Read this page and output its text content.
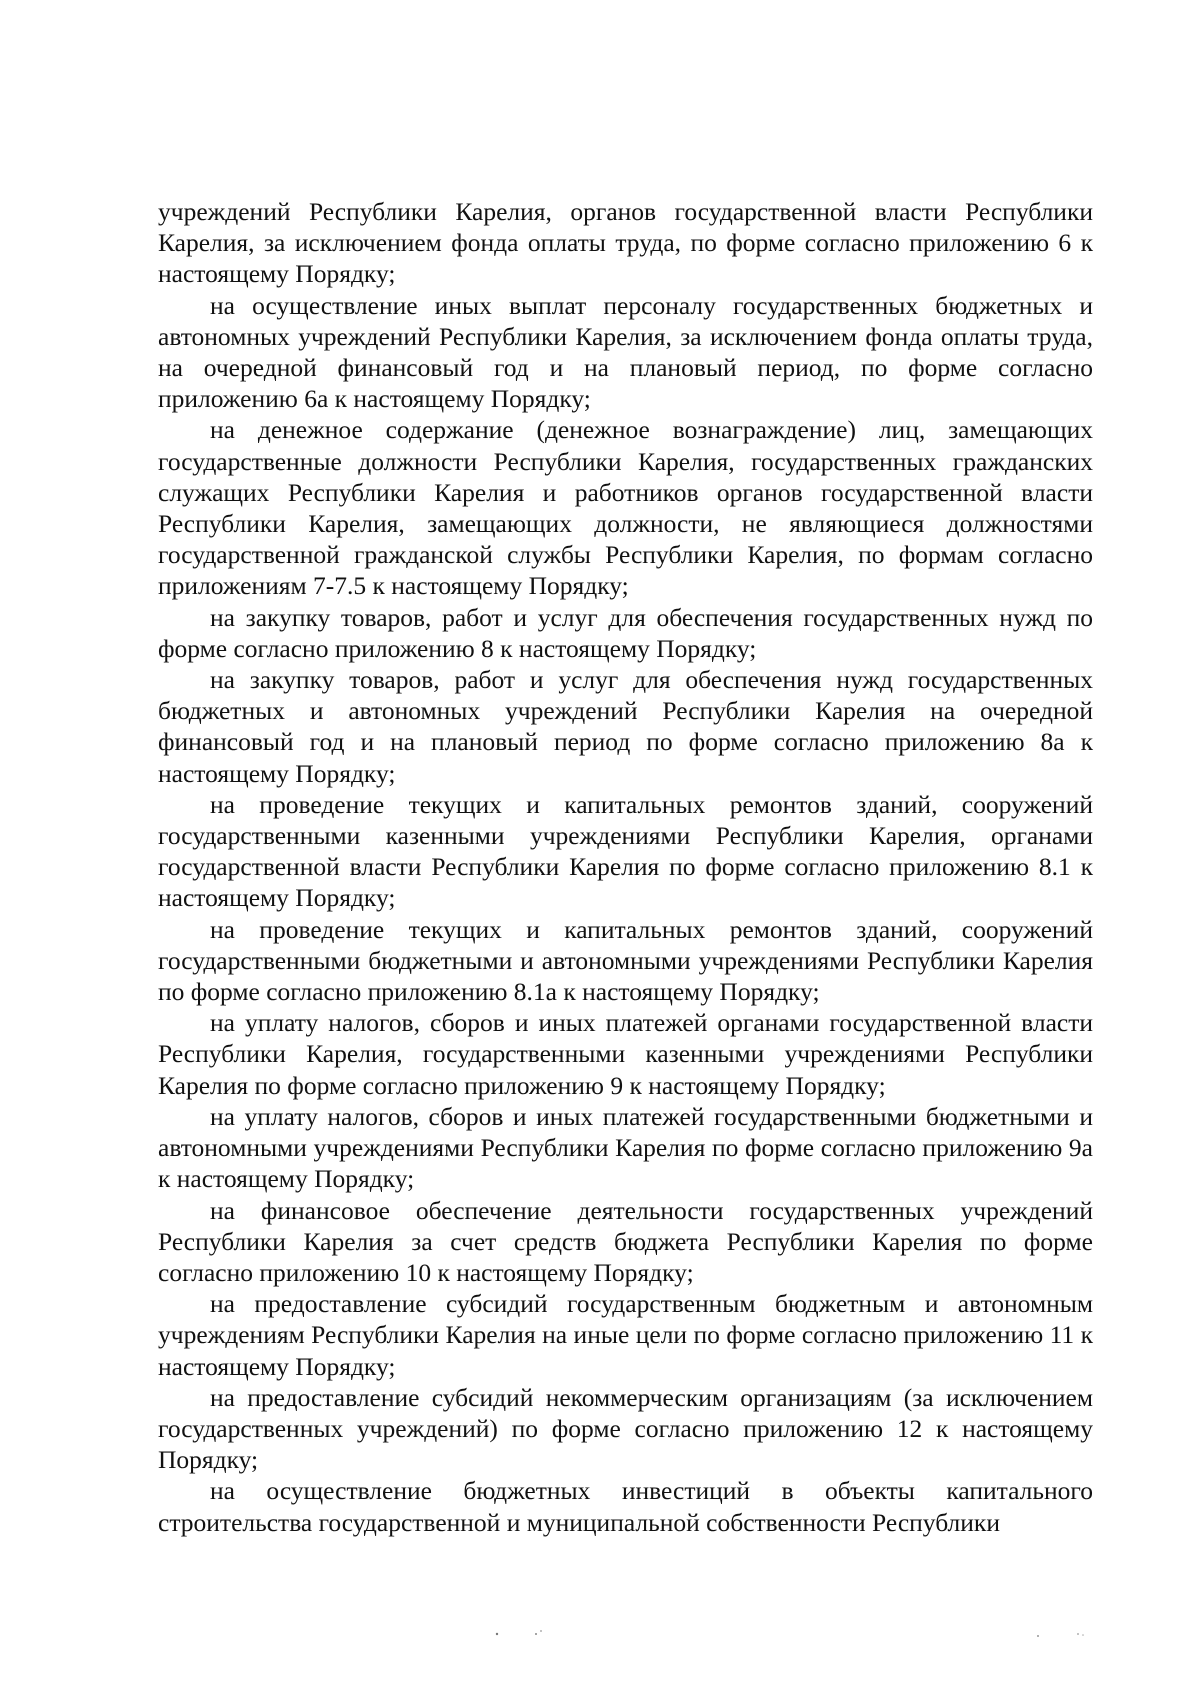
учреждений Республики Карелия, органов государственной власти Республики Карелия, за исключением фонда оплаты труда, по форме согласно приложению 6 к настоящему Порядку;

на осуществление иных выплат персоналу государственных бюджетных и автономных учреждений Республики Карелия, за исключением фонда оплаты труда, на очередной финансовый год и на плановый период, по форме согласно приложению 6а к настоящему Порядку;

на денежное содержание (денежное вознаграждение) лиц, замещающих государственные должности Республики Карелия, государственных гражданских служащих Республики Карелия и работников органов государственной власти Республики Карелия, замещающих должности, не являющиеся должностями государственной гражданской службы Республики Карелия, по формам согласно приложениям 7-7.5 к настоящему Порядку;

на закупку товаров, работ и услуг для обеспечения государственных нужд по форме согласно приложению 8 к настоящему Порядку;

на закупку товаров, работ и услуг для обеспечения нужд государственных бюджетных и автономных учреждений Республики Карелия на очередной финансовый год и на плановый период по форме согласно приложению 8а к настоящему Порядку;

на проведение текущих и капитальных ремонтов зданий, сооружений государственными казенными учреждениями Республики Карелия, органами государственной власти Республики Карелия по форме согласно приложению 8.1 к настоящему Порядку;

на проведение текущих и капитальных ремонтов зданий, сооружений государственными бюджетными и автономными учреждениями Республики Карелия по форме согласно приложению 8.1а к настоящему Порядку;

на уплату налогов, сборов и иных платежей органами государственной власти Республики Карелия, государственными казенными учреждениями Республики Карелия по форме согласно приложению 9 к настоящему Порядку;

на уплату налогов, сборов и иных платежей государственными бюджетными и автономными учреждениями Республики Карелия по форме согласно приложению 9а к настоящему Порядку;

на финансовое обеспечение деятельности государственных учреждений Республики Карелия за счет средств бюджета Республики Карелия по форме согласно приложению 10 к настоящему Порядку;

на предоставление субсидий государственным бюджетным и автономным учреждениям Республики Карелия на иные цели по форме согласно приложению 11 к настоящему Порядку;

на предоставление субсидий некоммерческим организациям (за исключением государственных учреждений) по форме согласно приложению 12 к настоящему Порядку;

на осуществление бюджетных инвестиций в объекты капитального строительства государственной и муниципальной собственности Республики
